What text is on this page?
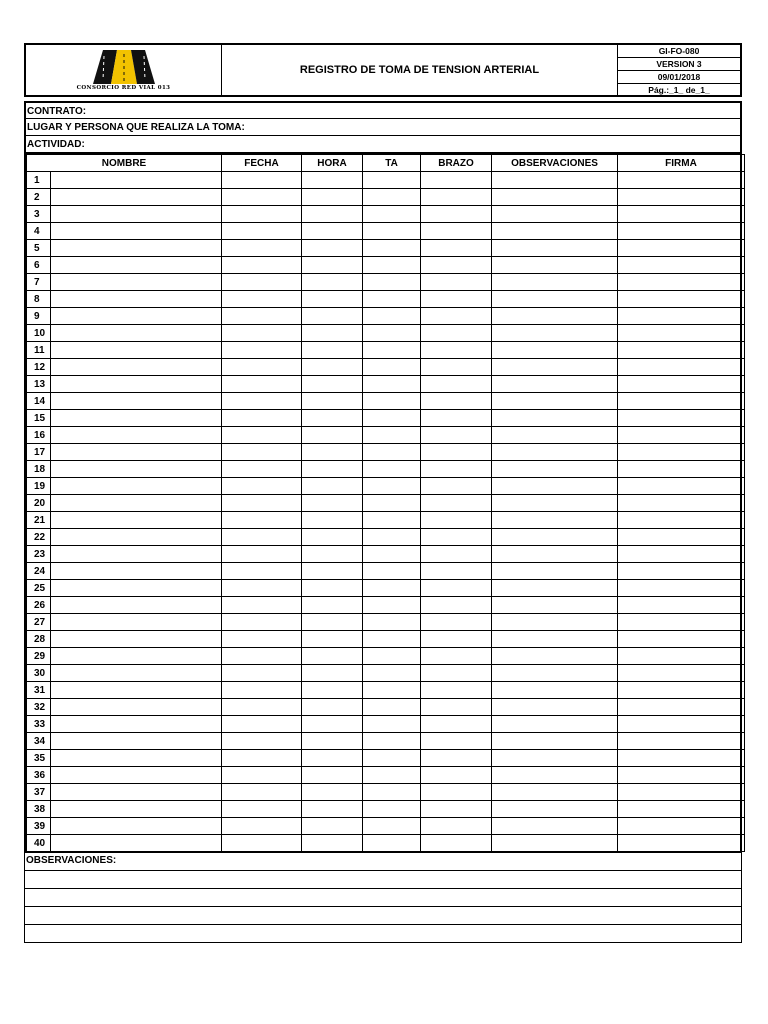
CONSORCIO RED VIAL 013
REGISTRO DE TOMA DE TENSION ARTERIAL
GI-FO-080
VERSION 3
09/01/2018
Pág.:_1_ de_1_
CONTRATO:
LUGAR Y PERSONA QUE REALIZA LA TOMA:
ACTIVIDAD:
NOMBRE		FECHA	HORA	TA	BRAZO	OBSERVACIONES	FIRMA
1							
2							
3							
4							
5							
6							
7							
8							
9							
10							
11							
12							
13							
14							
15							
16							
17							
18							
19							
20							
21							
22							
23							
24							
25							
26							
27							
28							
29							
30							
31							
32							
33							
34							
35							
36							
37							
38							
39							
40							
OBSERVACIONES:
